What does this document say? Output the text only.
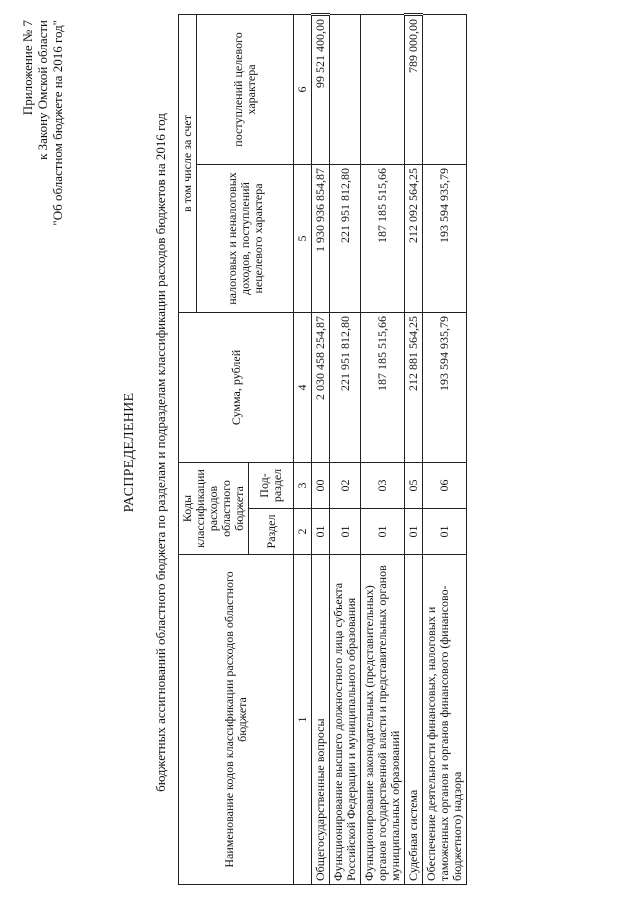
Приложение № 7 к Закону Омской области "Об областном бюджете на 2016 год"
РАСПРЕДЕЛЕНИЕ бюджетных ассигнований областного бюджета по разделам и подразделам классификации расходов бюджетов на 2016 год	Наименование кодов классификации расходов областного бюджета	Коды классификации расходов областного бюджета		Сумма, рублей	в том числе за счет	
				налоговых и неналоговых доходов, поступлений нецелевого характера	поступлений целевого характера
	Раздел	Под-раздел			
1	2	3	4	5	6
Общегосударственные вопросы	01	00	2 030 458 254,87	1 930 936 854,87	99 521 400,00
Функционирование высшего должностного лица субъекта Российской Федерации и муниципального образования	01	02	221 951 812,80	221 951 812,80	
Функционирование законодательных (представительных) органов государственной власти и представительных органов муниципальных образований	01	03	187 185 515,66	187 185 515,66	
Судебная система	01	05	212 881 564,25	212 092 564,25	789 000,00
Обеспечение деятельности финансовых, налоговых и таможенных органов и органов финансового (финансово-бюджетного) надзора	01	06	193 594 935,79	193 594 935,79	
